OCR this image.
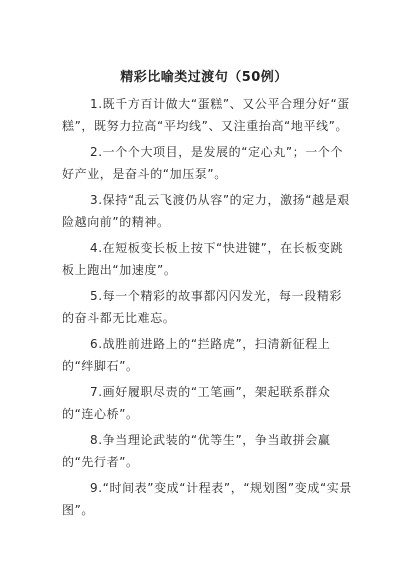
精彩比喻类过渡句（50例）

1.既千方百计做大“蛋糕”、又公平合理分好“蛋糕”，既努力拉高“平均线”、又注重抬高“地平线”。

2.一个个大项目，是发展的“定心丸”；一个个好产业，是奋斗的“加压泵”。

3.保持“乱云飞渡仍从容”的定力，激扬“越是艰险越向前”的精神。

4.在短板变长板上按下“快进键”，在长板变跳板上跑出“加速度”。

5.每一个精彩的故事都闪闪发光，每一段精彩的奋斗都无比难忘。

6.战胜前进路上的“拦路虎”，扫清新征程上的“绊脚石”。

7.画好履职尽责的“工笔画”，架起联系群众的“连心桥”。

8.争当理论武装的“优等生”，争当敢拼会赢的“先行者”。

9.“时间表”变成“计程表”，“规划图”变成“实景图”。
